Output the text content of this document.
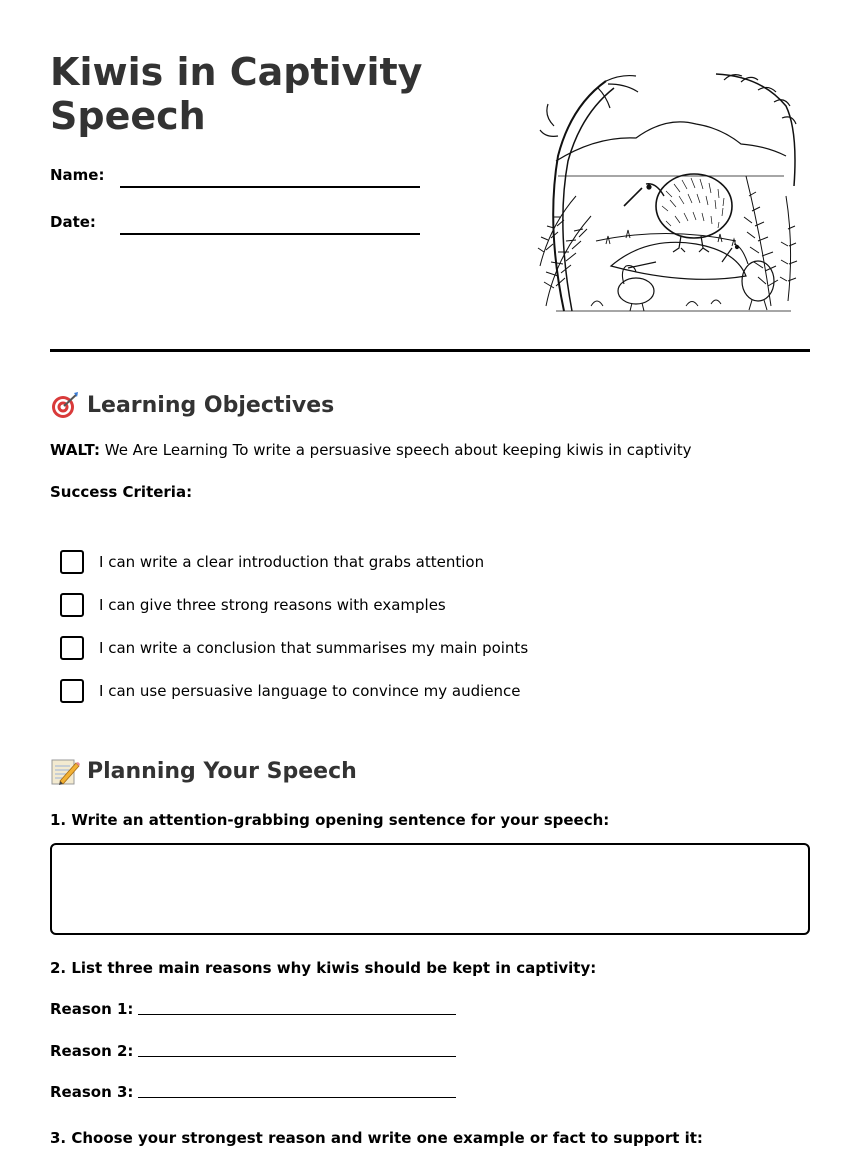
Kiwis in Captivity Speech
Name:
Date:
Learning Objectives
WALT: We Are Learning To write a persuasive speech about keeping kiwis in captivity
Success Criteria:
I can write a clear introduction that grabs attention
I can give three strong reasons with examples
I can write a conclusion that summarises my main points
I can use persuasive language to convince my audience
Planning Your Speech
1. Write an attention-grabbing opening sentence for your speech:
2. List three main reasons why kiwis should be kept in captivity:
Reason 1:
Reason 2:
Reason 3:
3. Choose your strongest reason and write one example or fact to support it:
